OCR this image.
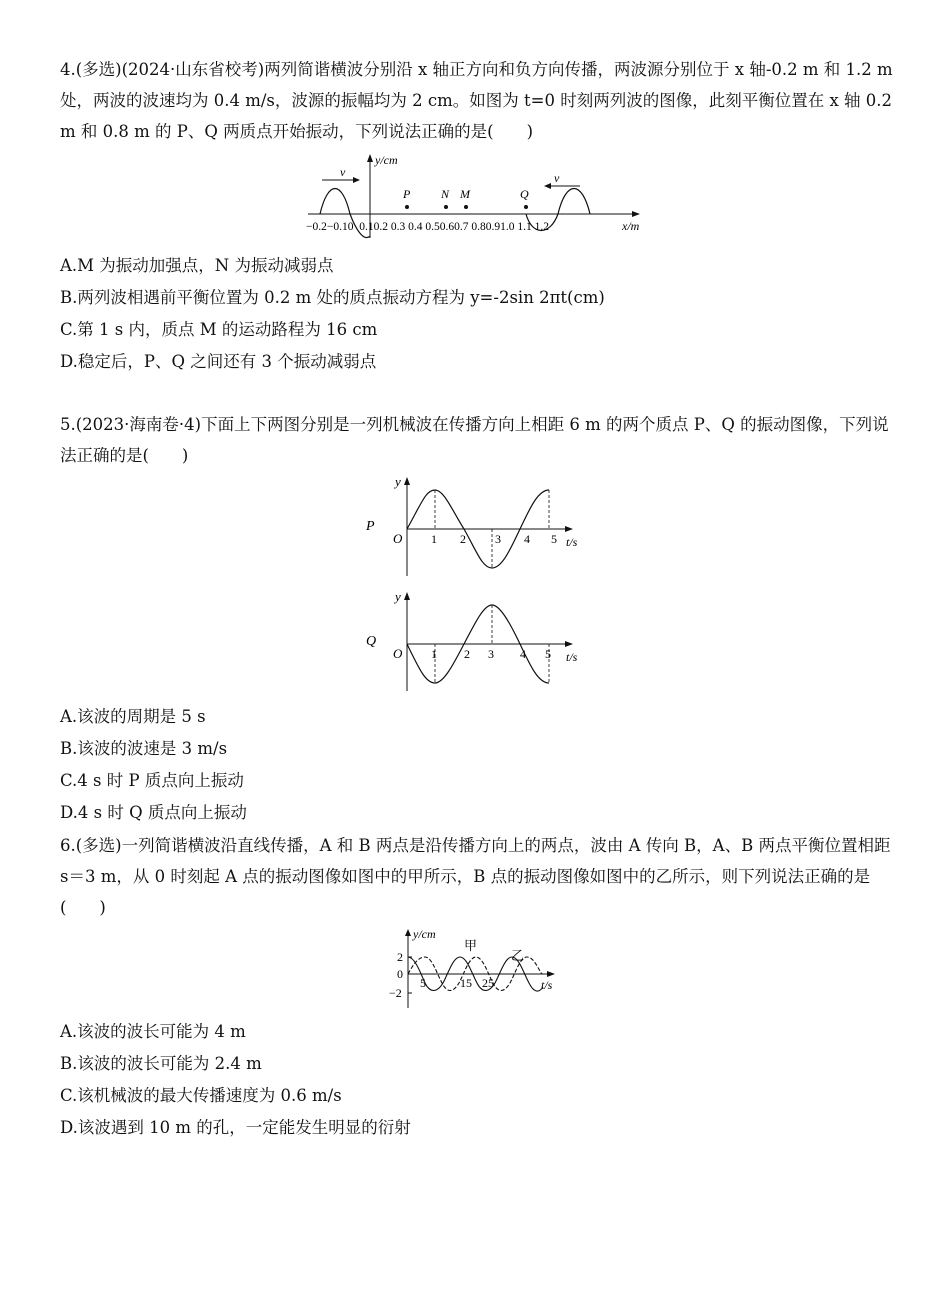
4.(多选)(2024·山东省校考)两列简谐横波分别沿 x 轴正方向和负方向传播，两波源分别位于 x 轴-0.2 m 和 1.2 m 处，两波的波速均为 0.4 m/s，波源的振幅均为 2 cm。如图为 t=0 时刻两列波的图像，此刻平衡位置在 x 轴 0.2 m 和 0.8 m 的 P、Q 两质点开始振动，下列说法正确的是(　　)

y/cm
x/m
v	v
P	N M	Q
−0.2−0.10  0.10.2 0.3 0.4 0.50.60.7 0.80.91.0 1.1 1.2

A.M 为振动加强点，N 为振动减弱点

B.两列波相遇前平衡位置为 0.2 m 处的质点振动方程为 y=-2sin 2πt(cm)

C.第 1 s 内，质点 M 的运动路程为 16 cm

D.稳定后，P、Q 之间还有 3 个振动减弱点

5.(2023·海南卷·4)下面上下两图分别是一列机械波在传播方向上相距 6 m 的两个质点 P、Q 的振动图像，下列说法正确的是(　　)

P
y
t/s
O 1 2 3 4 5
Q
y
t/s
O 1 2 3 4 5

A.该波的周期是 5 s

B.该波的波速是 3 m/s

C.4 s 时 P 质点向上振动

D.4 s 时 Q 质点向上振动

6.(多选)一列简谐横波沿直线传播，A 和 B 两点是沿传播方向上的两点，波由 A 传向 B，A、B 两点平衡位置相距 s＝3 m，从 0 时刻起 A 点的振动图像如图中的甲所示，B 点的振动图像如图中的乙所示，则下列说法正确的是(　　)

y/cm
t/s
2
0
−2
甲
乙
5	15 25

A.该波的波长可能为 4 m

B.该波的波长可能为 2.4 m

C.该机械波的最大传播速度为 0.6 m/s

D.该波遇到 10 m 的孔，一定能发生明显的衍射
